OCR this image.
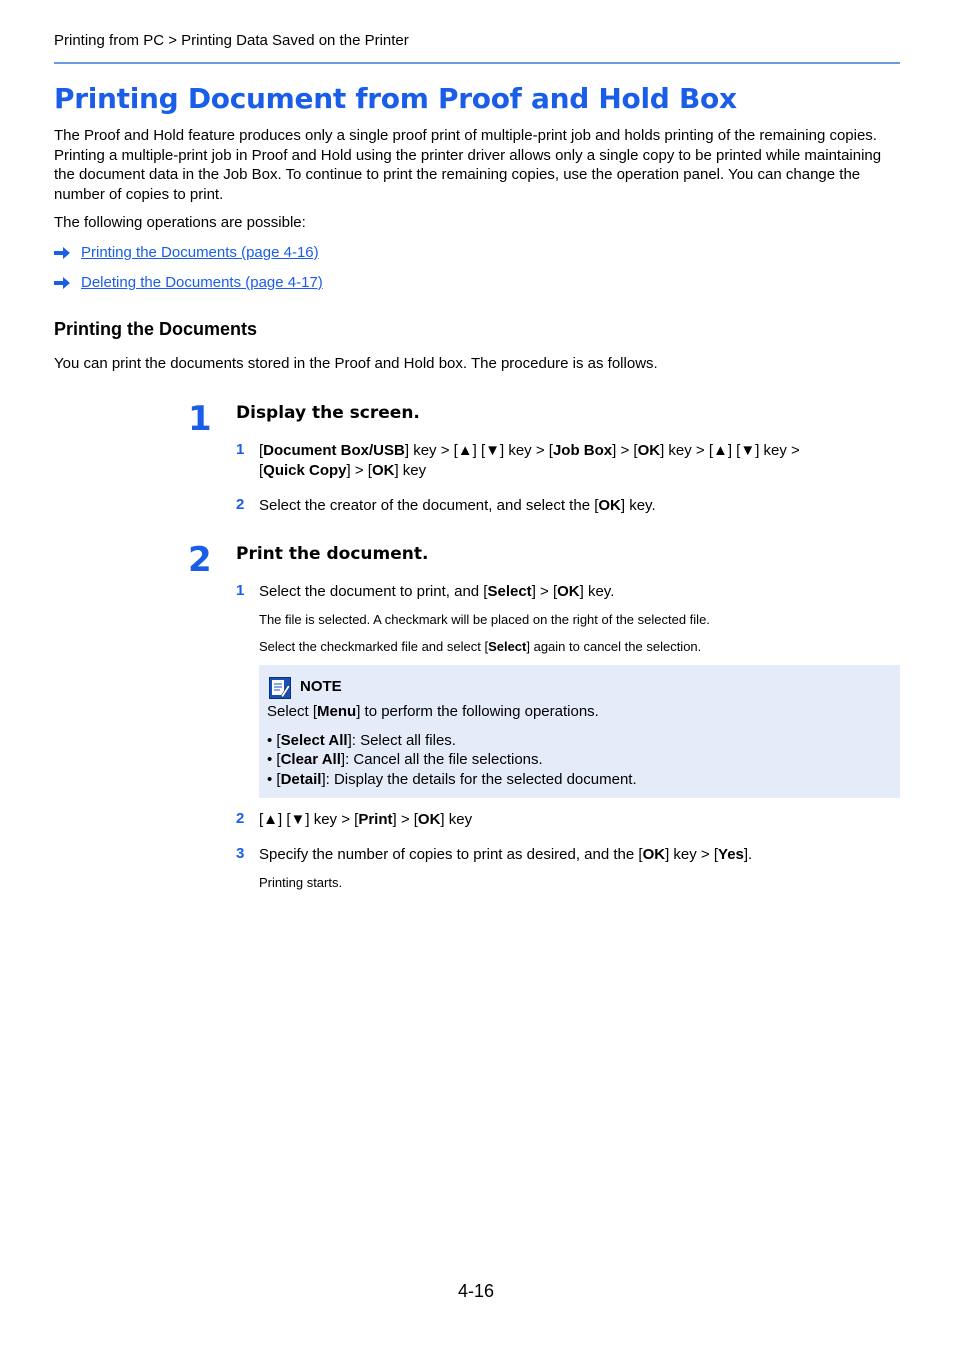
Printing from PC > Printing Data Saved on the Printer
Printing Document from Proof and Hold Box

The Proof and Hold feature produces only a single proof print of multiple-print job and holds printing of the remaining copies. Printing a multiple-print job in Proof and Hold using the printer driver allows only a single copy to be printed while maintaining the document data in the Job Box. To continue to print the remaining copies, use the operation panel. You can change the number of copies to print.

The following operations are possible:

Printing the Documents (page 4-16)
Deleting the Documents (page 4-17)
Printing the Documents

You can print the documents stored in the Proof and Hold box. The procedure is as follows.

1 Display the screen.
1 [Document Box/USB] key > [▲] [▼] key > [Job Box] > [OK] key > [▲] [▼] key >
[Quick Copy] > [OK] key
2 Select the creator of the document, and select the [OK] key.
2 Print the document.
1 Select the document to print, and [Select] > [OK] key.
The file is selected. A checkmark will be placed on the right of the selected file.
Select the checkmarked file and select [Select] again to cancel the selection.
NOTE
Select [Menu] to perform the following operations.
• [Select All]: Select all files.
• [Clear All]: Cancel all the file selections.
• [Detail]: Display the details for the selected document.
2 [▲] [▼] key > [Print] > [OK] key
3 Specify the number of copies to print as desired, and the [OK] key > [Yes].
Printing starts.
4-16
